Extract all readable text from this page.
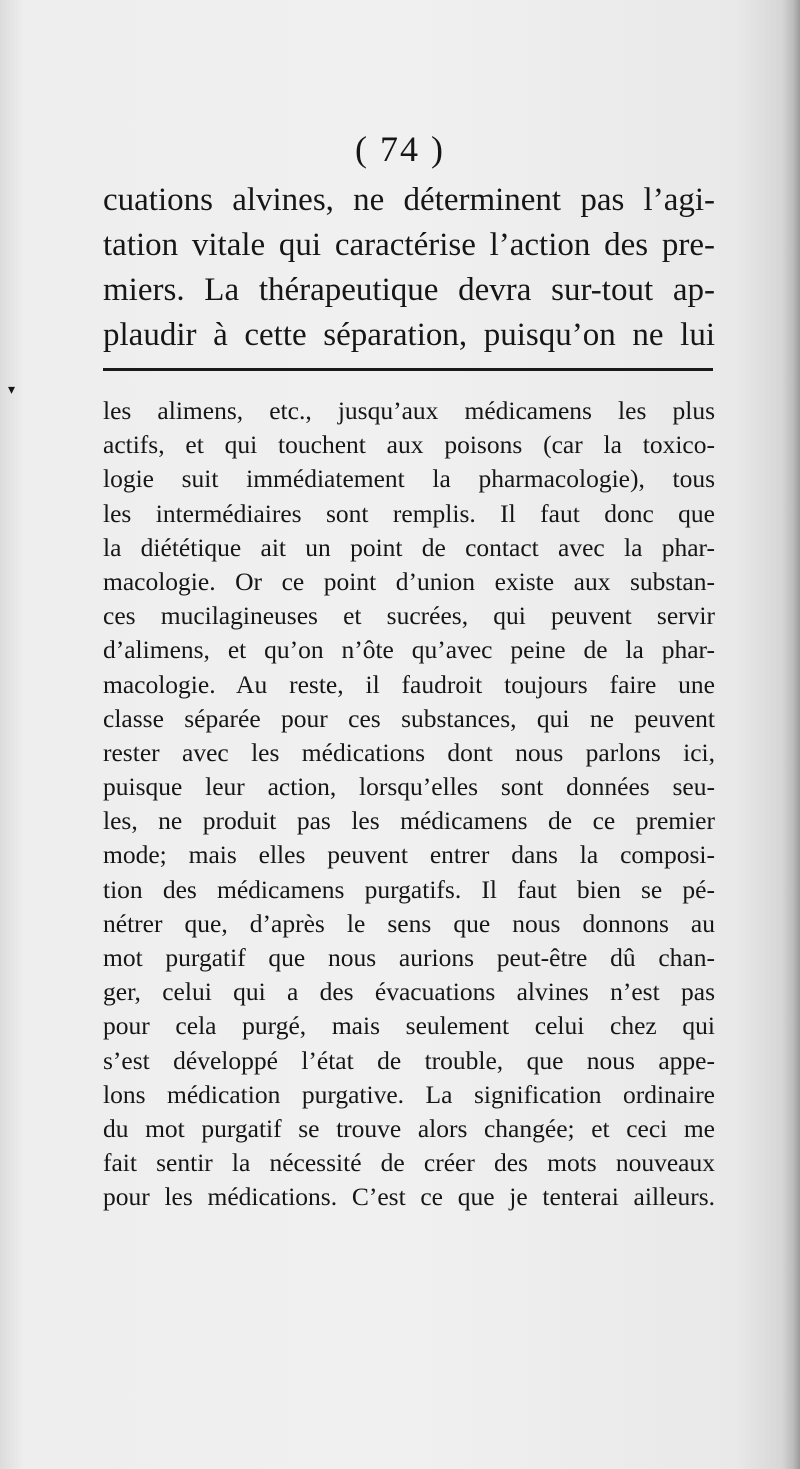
( 74 )
cuations alvines, ne déterminent pas l’agi-
tation vitale qui caractérise l’action des pre-
miers. La thérapeutique devra sur-tout ap-
plaudir à cette séparation, puisqu’on ne lui
▾
les alimens, etc., jusqu’aux médicamens les plus
actifs, et qui touchent aux poisons (car la toxico-
logie suit immédiatement la pharmacologie), tous
les intermédiaires sont remplis. Il faut donc que
la diététique ait un point de contact avec la phar-
macologie. Or ce point d’union existe aux substan-
ces mucilagineuses et sucrées, qui peuvent servir
d’alimens, et qu’on n’ôte qu’avec peine de la phar-
macologie. Au reste, il faudroit toujours faire une
classe séparée pour ces substances, qui ne peuvent
rester avec les médications dont nous parlons ici,
puisque leur action, lorsqu’elles sont données seu-
les, ne produit pas les médicamens de ce premier
mode; mais elles peuvent entrer dans la composi-
tion des médicamens purgatifs. Il faut bien se pé-
nétrer que, d’après le sens que nous donnons au
mot purgatif que nous aurions peut-être dû chan-
ger, celui qui a des évacuations alvines n’est pas
pour cela purgé, mais seulement celui chez qui
s’est développé l’état de trouble, que nous appe-
lons médication purgative. La signification ordinaire
du mot purgatif se trouve alors changée; et ceci me
fait sentir la nécessité de créer des mots nouveaux
pour les médications. C’est ce que je tenterai ailleurs.
